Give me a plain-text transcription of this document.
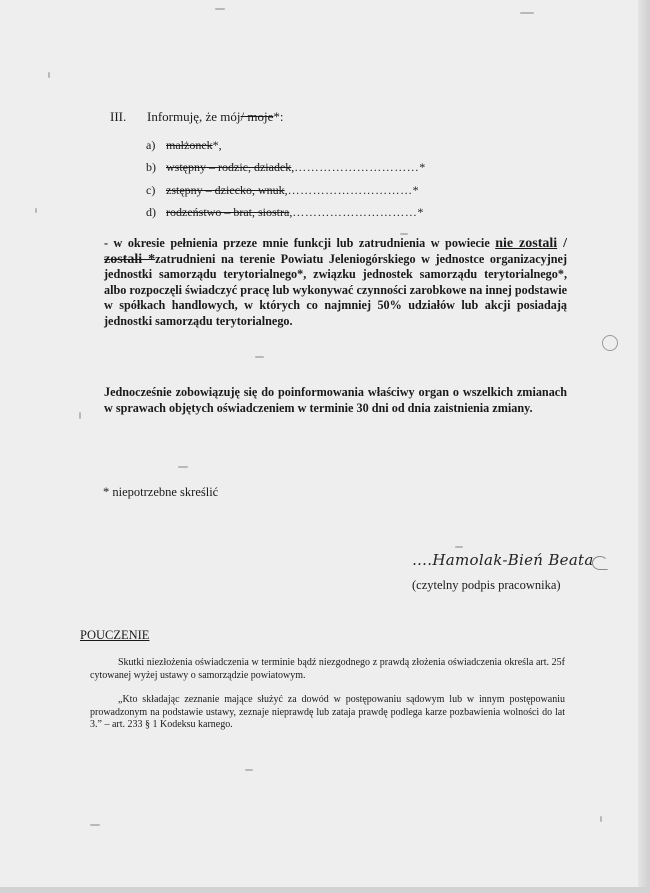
III. Informuję, że mój/ moje*:
a) małżonek*,
b) wstępny – rodzic, dziadek,…………………………*
c) zstępny – dziecko, wnuk,…………………………*
d) rodzeństwo – brat, siostra,…………………………*
- w okresie pełnienia przeze mnie funkcji lub zatrudnienia w powiecie nie zostali / zostali *zatrudnieni na terenie Powiatu Jeleniogórskiego w jednostce organizacyjnej jednostki samorządu terytorialnego*, związku jednostek samorządu terytorialnego*, albo rozpoczęli świadczyć pracę lub wykonywać czynności zarobkowe na innej podstawie w spółkach handlowych, w których co najmniej 50% udziałów lub akcji posiadają jednostki samorządu terytorialnego.
Jednocześnie zobowiązuję się do poinformowania właściwy organ o wszelkich zmianach w sprawach objętych oświadczeniem w terminie 30 dni od dnia zaistnienia zmiany.
* niepotrzebne skreślić
….Hamolak-Bień Beata
(czytelny podpis pracownika)
POUCZENIE
Skutki niezłożenia oświadczenia w terminie bądź niezgodnego z prawdą złożenia oświadczenia określa art. 25f cytowanej wyżej ustawy o samorządzie powiatowym.
„Kto składając zeznanie mające służyć za dowód w postępowaniu sądowym lub w innym postępowaniu prowadzonym na podstawie ustawy, zeznaje nieprawdę lub zataja prawdę podlega karze pozbawienia wolności do lat 3.” – art. 233 § 1 Kodeksu karnego.
